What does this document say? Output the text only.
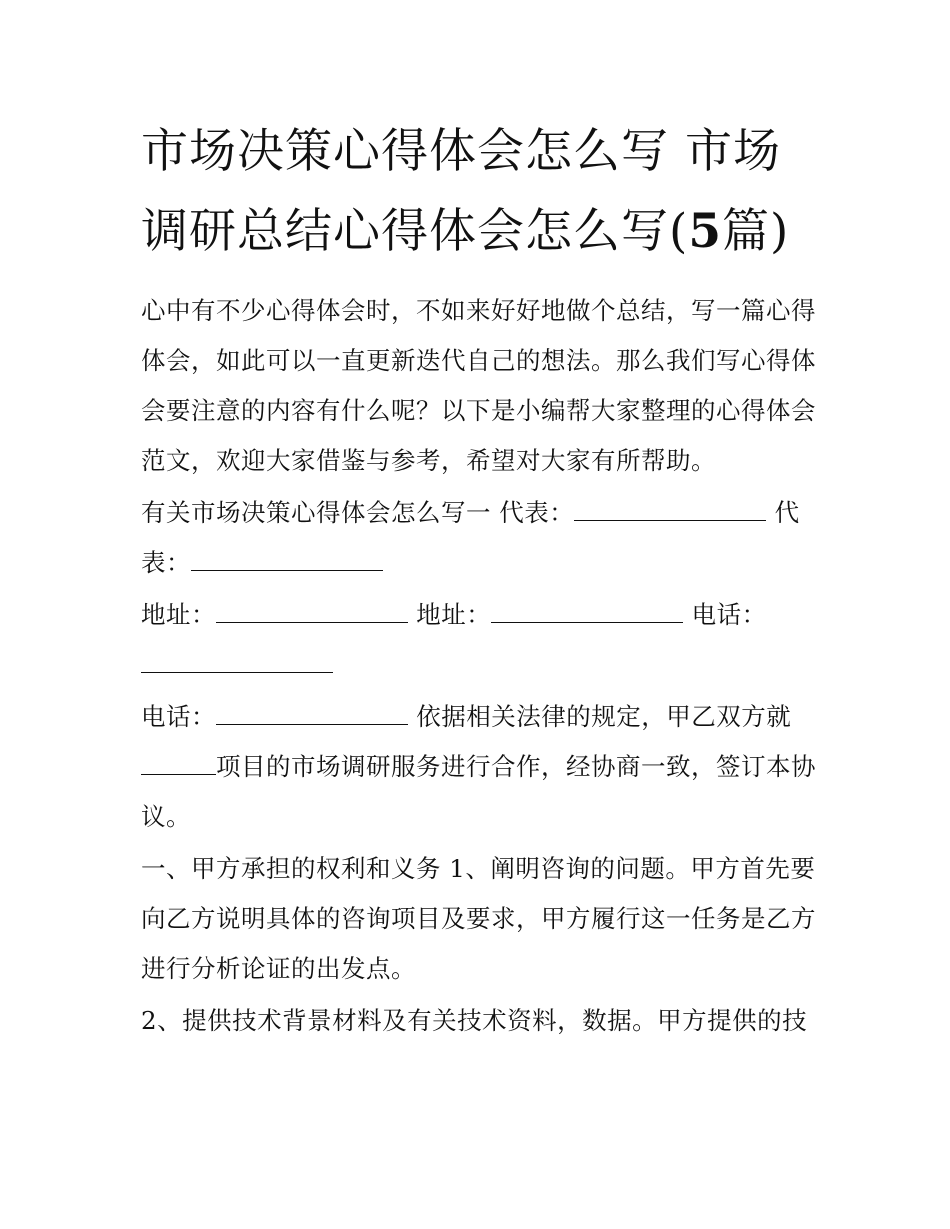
市场决策心得体会怎么写 市场调研总结心得体会怎么写(5篇)

心中有不少心得体会时，不如来好好地做个总结，写一篇心得体会，如此可以一直更新迭代自己的想法。那么我们写心得体会要注意的内容有什么呢？以下是小编帮大家整理的心得体会范文，欢迎大家借鉴与参考，希望对大家有所帮助。

有关市场决策心得体会怎么写一 代表：	代表：

地址：	地址：	电话：

电话：	依据相关法律的规定，甲乙双方就项目的市场调研服务进行合作，经协商一致，签订本协议。

一、甲方承担的权利和义务 1、阐明咨询的问题。甲方首先要向乙方说明具体的咨询项目及要求，甲方履行这一任务是乙方进行分析论证的出发点。

2、提供技术背景材料及有关技术资料，数据。甲方提供的技
